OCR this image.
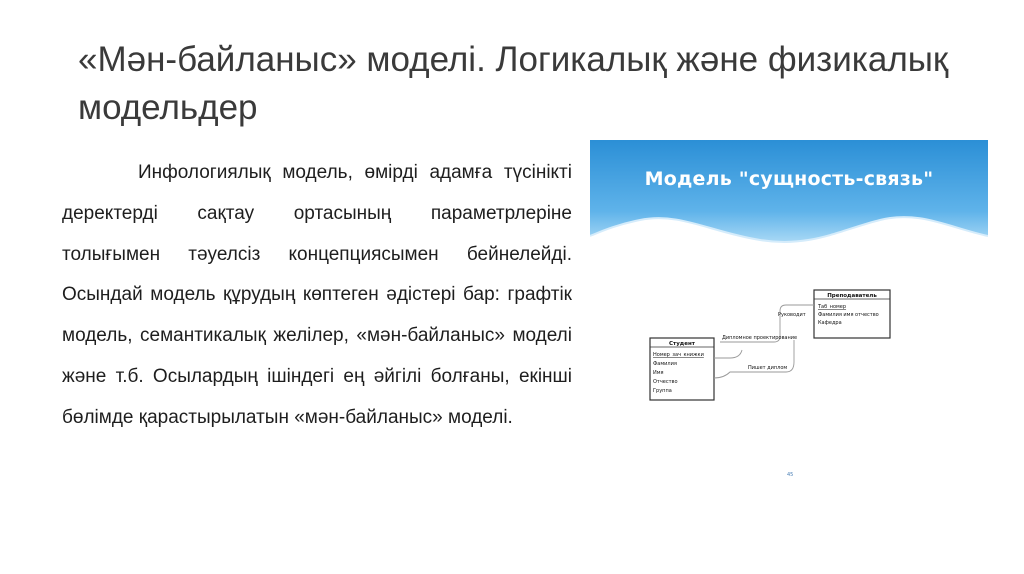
«Мән-байланыс» моделі. Логикалық және физикалық модельдер

Инфологиялық модель, өмірді адамға түсінікті деректерді сақтау ортасының параметрлеріне толығымен тәуелсіз концепциясымен бейнелейді. Осындай модель құрудың көптеген әдістері бар: графтік модель, семантикалық желілер, «мән-байланыс» моделі және т.б. Осылардың ішіндегі ең әйгілі болғаны, екінші бөлімде қарастырылатын «мән-байланыс» моделі.

Модель "сущность-связь"
Преподаватель
Таб_номер
Фамилия имя отчество
Кафедра
Студент
Номер_зач_книжки
Фамилия
Имя
Отчество
Группа
Руководит
Дипломное проектирование
Пишет диплом
45
